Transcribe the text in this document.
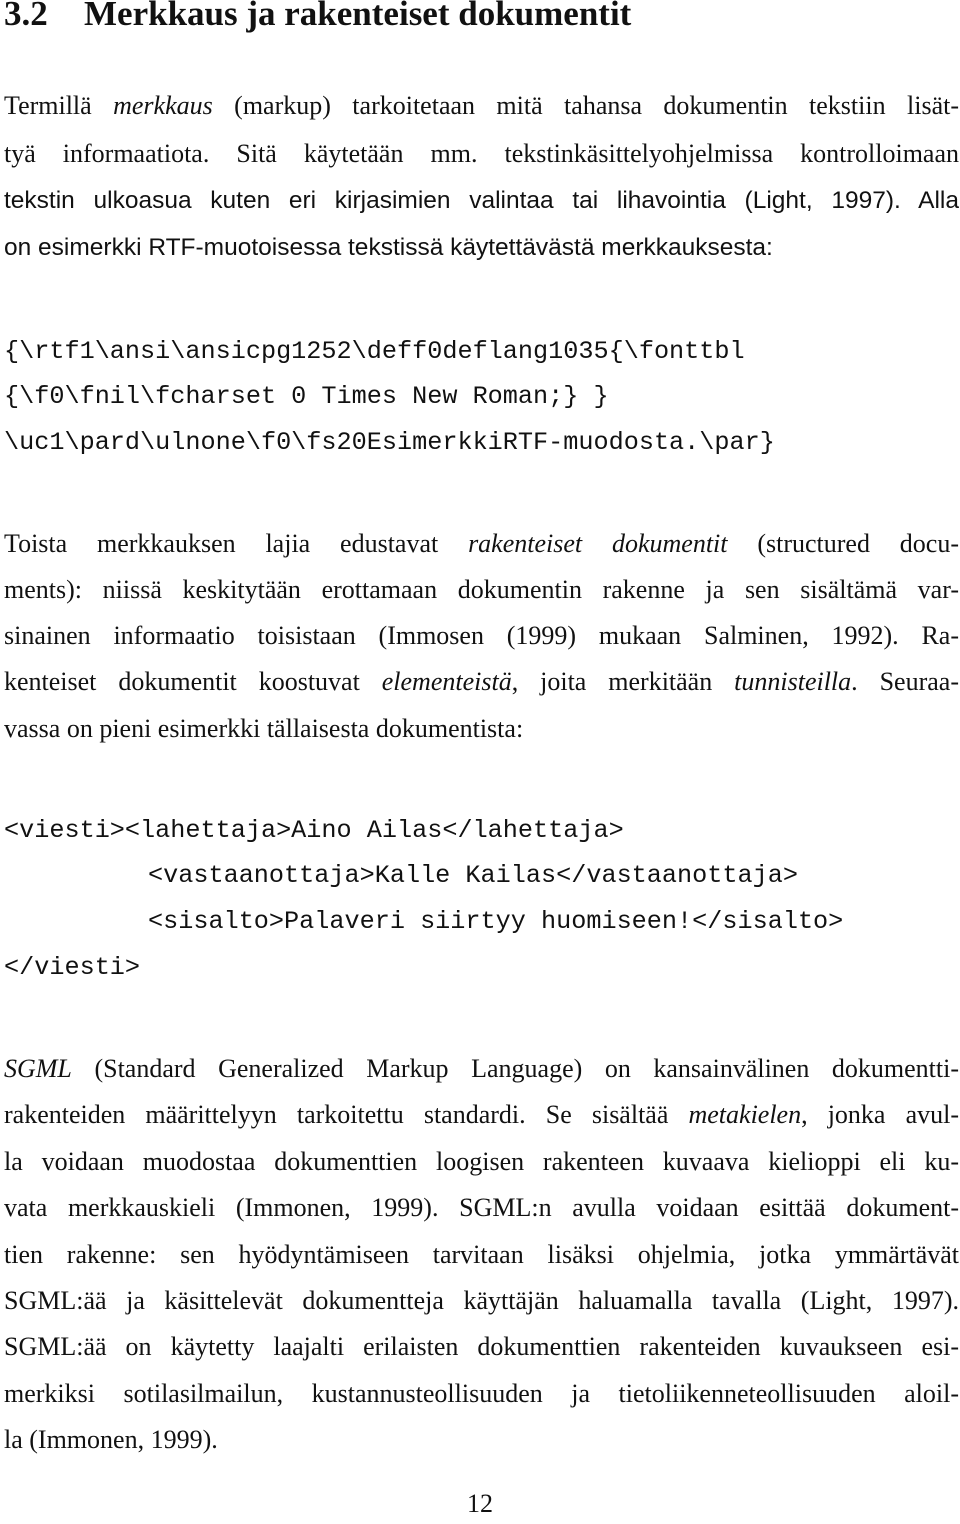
3.2 Merkkaus ja rakenteiset dokumentit
Termillä merkkaus (markup) tarkoitetaan mitä tahansa dokumentin tekstiin lisät-
tyä informaatiota. Sitä käytetään mm. tekstinkäsittelyohjelmissa kontrolloimaan
tekstin ulkoasua kuten eri kirjasimien valintaa tai lihavointia (Light, 1997). Alla
on esimerkki RTF-muotoisessa tekstissä käytettävästä merkkauksesta:
{\rtf1\ansi\ansicpg1252\deff0deflang1035{\fonttbl
{\f0\fnil\fcharset 0 Times New Roman;} }
\uc1\pard\ulnone\f0\fs20EsimerkkiRTF-muodosta.\par}
Toista merkkauksen lajia edustavat rakenteiset dokumentit (structured docu-
ments): niissä keskitytään erottamaan dokumentin rakenne ja sen sisältämä var-
sinainen informaatio toisistaan (Immosen (1999) mukaan Salminen, 1992). Ra-
kenteiset dokumentit koostuvat elementeistä, joita merkitään tunnisteilla. Seuraa-
vassa on pieni esimerkki tällaisesta dokumentista:
<viesti><lahettaja>Aino Ailas</lahettaja>
<vastaanottaja>Kalle Kailas</vastaanottaja>
<sisalto>Palaveri siirtyy huomiseen!</sisalto>
</viesti>
SGML (Standard Generalized Markup Language) on kansainvälinen dokumentti-
rakenteiden määrittelyyn tarkoitettu standardi. Se sisältää metakielen, jonka avul-
la voidaan muodostaa dokumenttien loogisen rakenteen kuvaava kielioppi eli ku-
vata merkkauskieli (Immonen, 1999). SGML:n avulla voidaan esittää dokument-
tien rakenne: sen hyödyntämiseen tarvitaan lisäksi ohjelmia, jotka ymmärtävät
SGML:ää ja käsittelevät dokumentteja käyttäjän haluamalla tavalla (Light, 1997).
SGML:ää on käytetty laajalti erilaisten dokumenttien rakenteiden kuvaukseen esi-
merkiksi sotilasilmailun, kustannusteollisuuden ja tietoliikenneteollisuuden aloil-
la (Immonen, 1999).
12
